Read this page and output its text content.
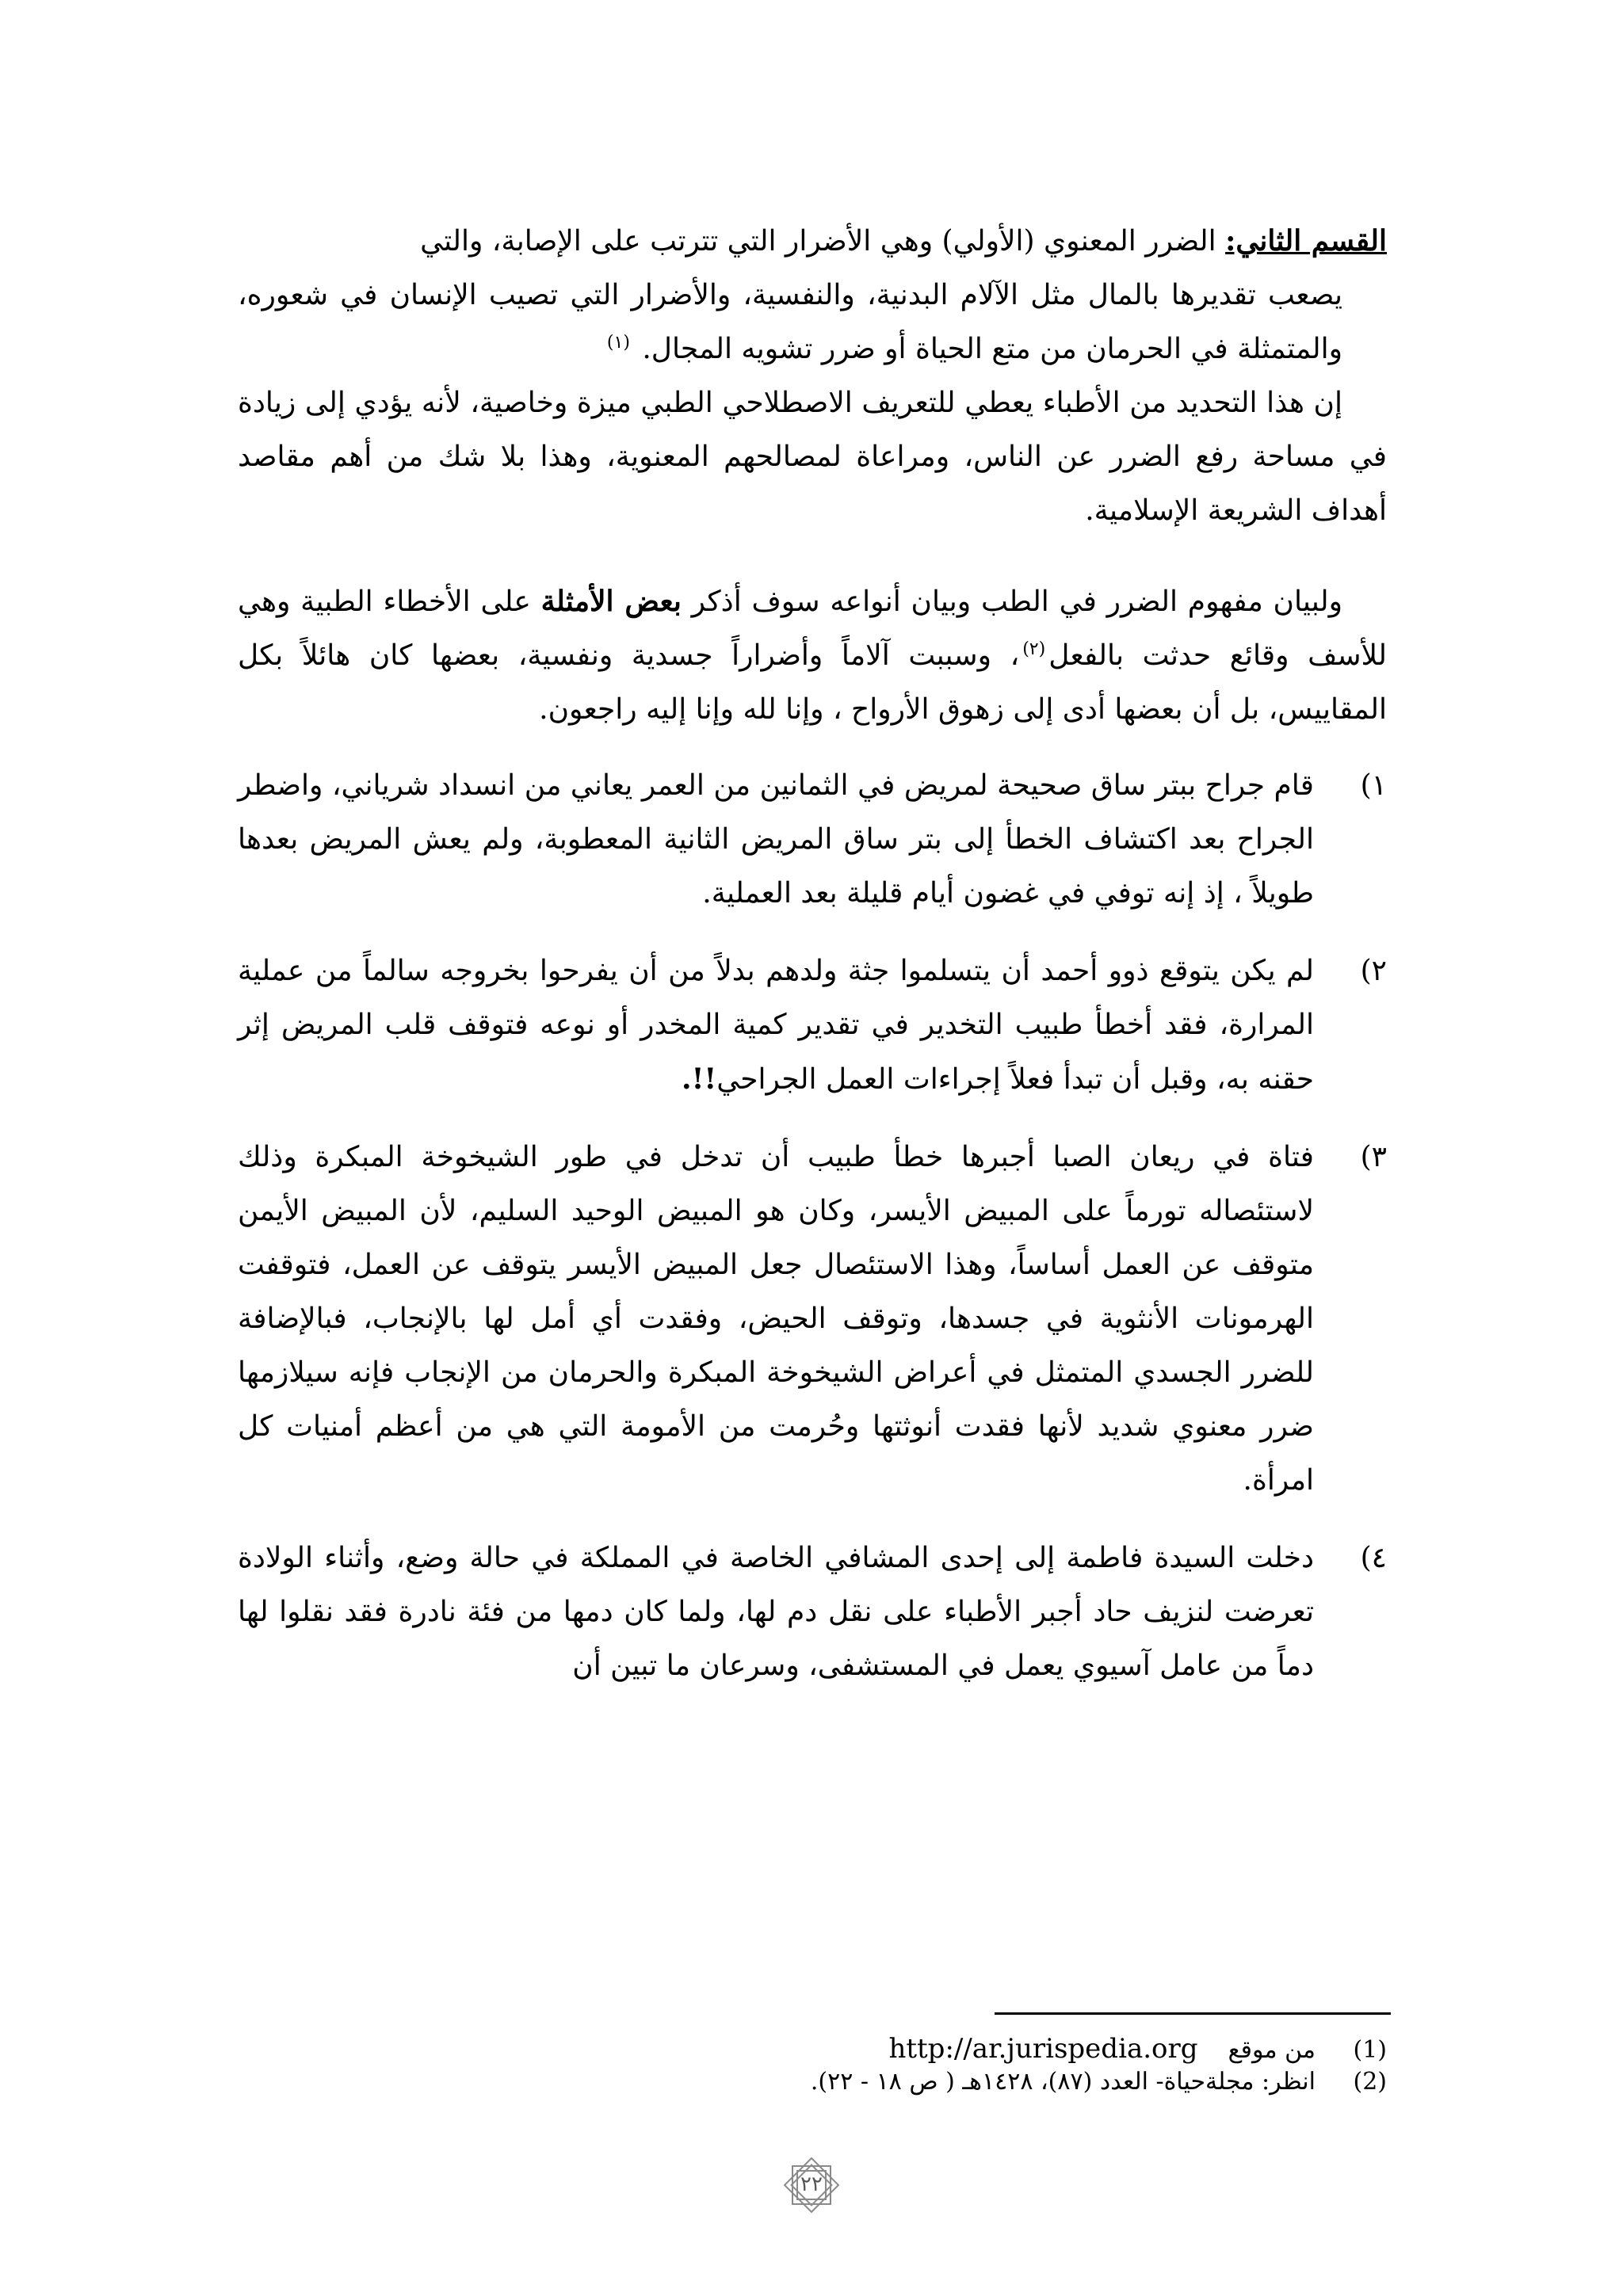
القسم الثاني: الضرر المعنوي (الأولي) وهي الأضرار التي تترتب على الإصابة، والتي

يصعب تقديرها بالمال مثل الآلام البدنية، والنفسية، والأضرار التي تصيب الإنسان في شعوره، والمتمثلة في الحرمان من متع الحياة أو ضرر تشويه المجال. $^{(١)}$

إن هذا التحديد من الأطباء يعطي للتعريف الاصطلاحي الطبي ميزة وخاصية، لأنه يؤدي إلى زيادة في مساحة رفع الضرر عن الناس، ومراعاة لمصالحهم المعنوية، وهذا بلا شك من أهم مقاصد أهداف الشريعة الإسلامية.

ولبيان مفهوم الضرر في الطب وبيان أنواعه سوف أذكر بعض الأمثلة على الأخطاء الطبية وهي للأسف وقائع حدثت بالفعل$^{(٢)}$، وسببت آلاماً وأضراراً جسدية ونفسية، بعضها كان هائلاً بكل المقاييس، بل أن بعضها أدى إلى زهوق الأرواح ، وإنا لله وإنا إليه راجعون.

١)
قام جراح ببتر ساق صحيحة لمريض في الثمانين من العمر يعاني من انسداد شرياني، واضطر الجراح بعد اكتشاف الخطأ إلى بتر ساق المريض الثانية المعطوبة، ولم يعش المريض بعدها طويلاً ، إذ إنه توفي في غضون أيام قليلة بعد العملية.
٢)
لم يكن يتوقع ذوو أحمد أن يتسلموا جثة ولدهم بدلاً من أن يفرحوا بخروجه سالماً من عملية المرارة، فقد أخطأ طبيب التخدير في تقدير كمية المخدر أو نوعه فتوقف قلب المريض إثر حقنه به، وقبل أن تبدأ فعلاً إجراءات العمل الجراحي!!.
٣)
فتاة في ريعان الصبا أجبرها خطأ طبيب أن تدخل في طور الشيخوخة المبكرة وذلك لاستئصاله تورماً على المبيض الأيسر، وكان هو المبيض الوحيد السليم، لأن المبيض الأيمن متوقف عن العمل أساساً، وهذا الاستئصال جعل المبيض الأيسر يتوقف عن العمل، فتوقفت الهرمونات الأنثوية في جسدها، وتوقف الحيض، وفقدت أي أمل لها بالإنجاب، فبالإضافة للضرر الجسدي المتمثل في أعراض الشيخوخة المبكرة والحرمان من الإنجاب فإنه سيلازمها ضرر معنوي شديد لأنها فقدت أنوثتها وحُرمت من الأمومة التي هي من أعظم أمنيات كل امرأة.
٤)
دخلت السيدة فاطمة إلى إحدى المشافي الخاصة في المملكة في حالة وضع، وأثناء الولادة تعرضت لنزيف حاد أجبر الأطباء على نقل دم لها، ولما كان دمها من فئة نادرة فقد نقلوا لها دماً من عامل آسيوي يعمل في المستشفى، وسرعان ما تبين أن
(1)
من موقع    http://ar.jurispedia.org
(2)
انظر: مجلةحياة- العدد (٨٧)، ١٤٢٨هـ ( ص ١٨ - ٢٢).
٢٢
